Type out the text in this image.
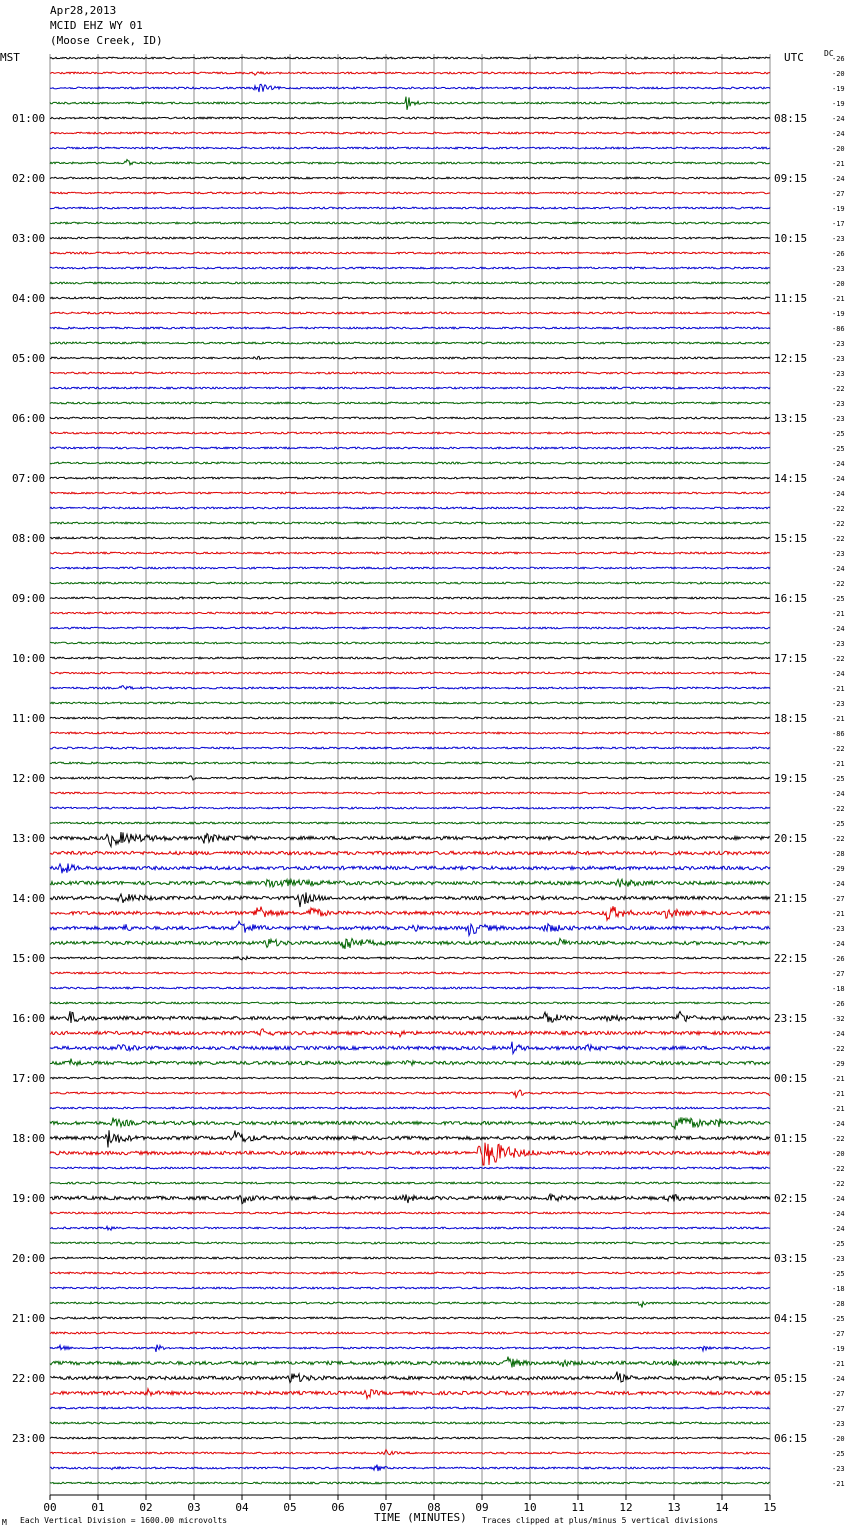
Apr28,2013
MCID EHZ WY 01
(Moose Creek, ID)
MST	UTC	DC
00	01	02	03	04	05	06	07	08	09	10	11	12	13	14	15
-26
-20
-19
-19
-24
-24
-20
-21
-24
-27
-19
-17
-23
-26
-23
-20
-21
-19
-86
-23
-23
-23
-22
-23
-23
-25
-25
-24
-24
-24
-22
-22
-22
-23
-24
-22
-25
-21
-24
-23
-22
-24
-21
-23
-21
-86
-22
-21
-25
-24
-22
-25
-22
-28
-29
-24
-27
-21
-23
-24
-26
-27
-18
-26
-32
-24
-22
-29
-21
-21
-21
-24
-22
-20
-22
-22
-24
-24
-24
-25
-23
-25
-18
-28
-25
-27
-19
-21
-24
-27
-27
-23
-20
-25
-23
-21
01:00
02:00
03:00
04:00
05:00
06:00
07:00
08:00
09:00
10:00
11:00
12:00
13:00
14:00
15:00
16:00
17:00
18:00
19:00
20:00
21:00
22:00
23:00
08:15
09:15
10:15
11:15
12:15
13:15
14:15
15:15
16:15
17:15
18:15
19:15
20:15
21:15
22:15
23:15
00:15
01:15
02:15
03:15
04:15
05:15
06:15
M Each Vertical Division = 1600.00 microvolts	TIME (MINUTES) Traces clipped at plus/minus 5 vertical divisions
